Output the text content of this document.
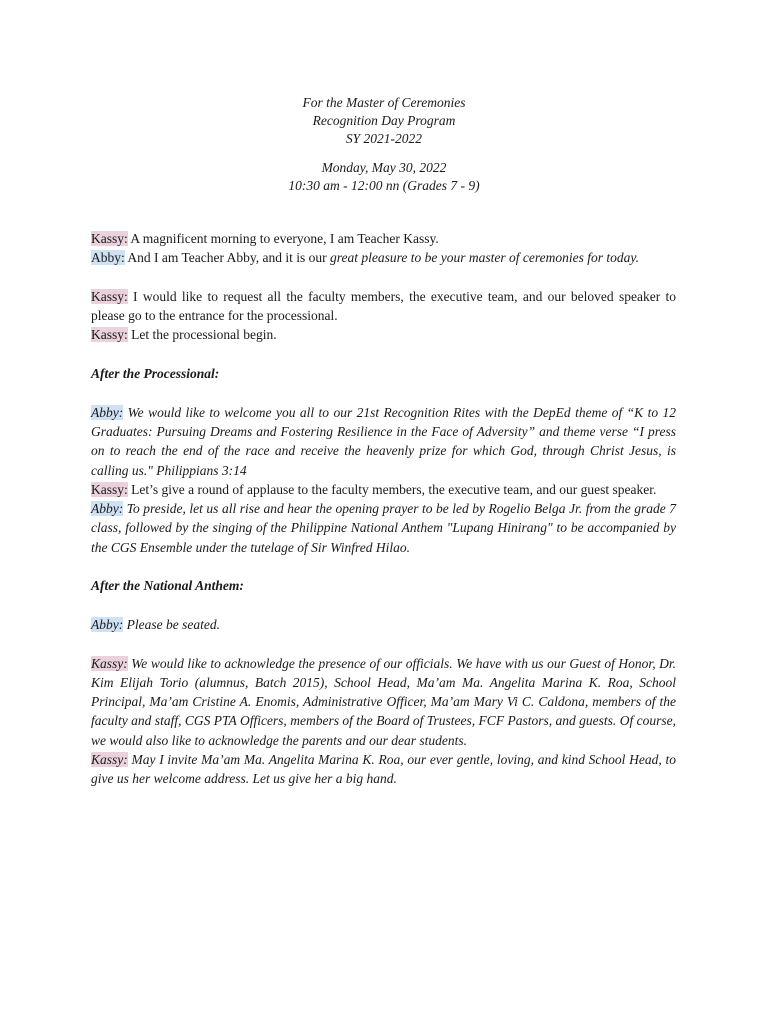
For the Master of Ceremonies
Recognition Day Program
SY 2021-2022
Monday, May 30, 2022
10:30 am - 12:00 nn (Grades 7 - 9)

Kassy: A magnificent morning to everyone, I am Teacher Kassy.

Abby: And I am Teacher Abby, and it is our great pleasure to be your master of ceremonies for today.

Kassy: I would like to request all the faculty members, the executive team, and our beloved speaker to please go to the entrance for the processional.

Kassy: Let the processional begin.

After the Processional:

Abby: We would like to welcome you all to our 21st Recognition Rites with the DepEd theme of “K to 12 Graduates: Pursuing Dreams and Fostering Resilience in the Face of Adversity” and theme verse “I press on to reach the end of the race and receive the heavenly prize for which God, through Christ Jesus, is calling us." Philippians 3:14

Kassy: Let’s give a round of applause to the faculty members, the executive team, and our guest speaker.

Abby: To preside, let us all rise and hear the opening prayer to be led by Rogelio Belga Jr. from the grade 7 class, followed by the singing of the Philippine National Anthem "Lupang Hinirang" to be accompanied by the CGS Ensemble under the tutelage of Sir Winfred Hilao.

After the National Anthem:

Abby: Please be seated.

Kassy: We would like to acknowledge the presence of our officials. We have with us our Guest of Honor, Dr. Kim Elijah Torio (alumnus, Batch 2015), School Head, Ma’am Ma. Angelita Marina K. Roa, School Principal, Ma’am Cristine A. Enomis, Administrative Officer, Ma’am Mary Vi C. Caldona, members of the faculty and staff, CGS PTA Officers, members of the Board of Trustees, FCF Pastors, and guests. Of course, we would also like to acknowledge the parents and our dear students.

Kassy: May I invite Ma’am Ma. Angelita Marina K. Roa, our ever gentle, loving, and kind School Head, to give us her welcome address. Let us give her a big hand.
